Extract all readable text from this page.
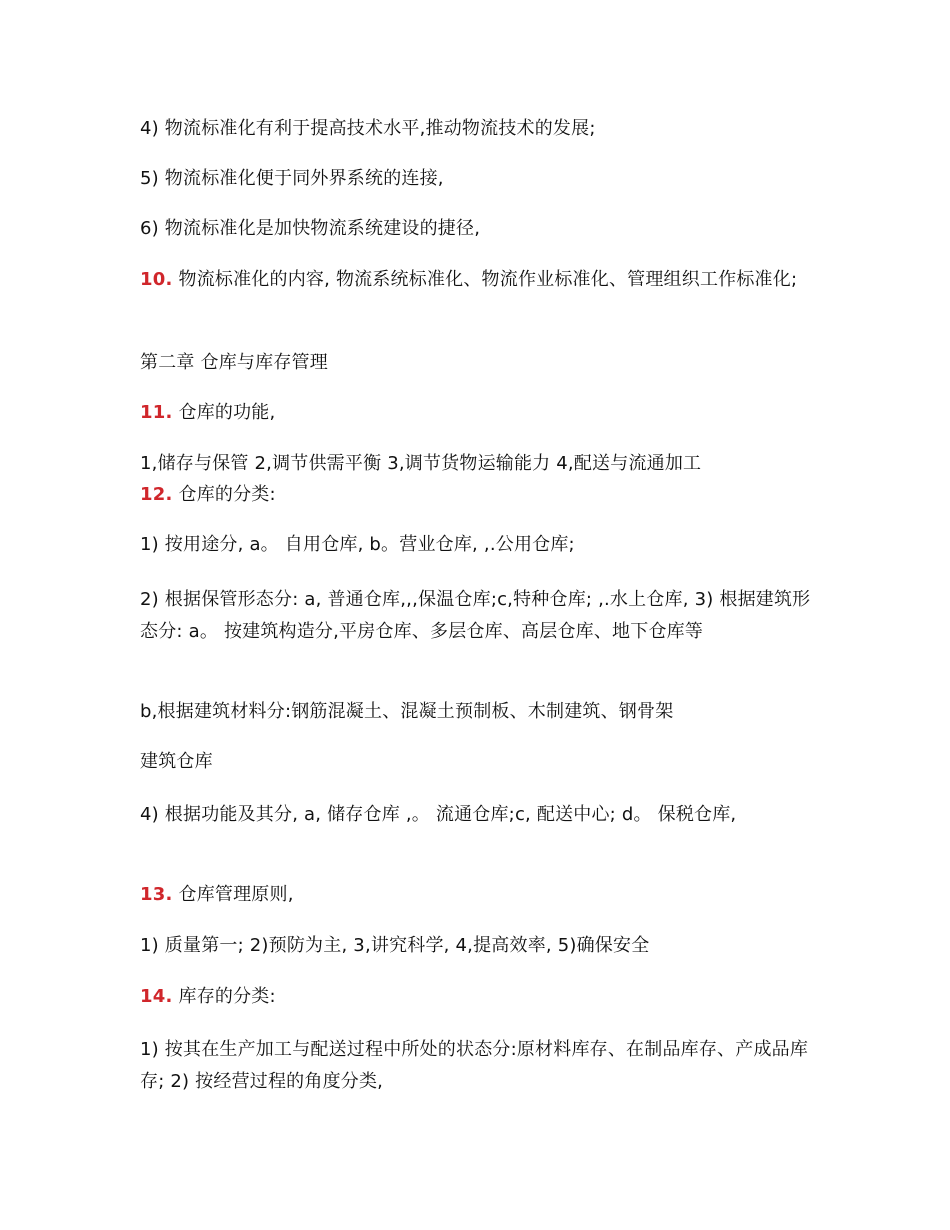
4) 物流标准化有利于提高技术水平,推动物流技术的发展;
5) 物流标准化便于同外界系统的连接,
6) 物流标准化是加快物流系统建设的捷径,
10. 物流标准化的内容, 物流系统标准化、物流作业标准化、管理组织工作标准化;
第二章 仓库与库存管理
11. 仓库的功能,
1,储存与保管 2,调节供需平衡 3,调节货物运输能力 4,配送与流通加工
12. 仓库的分类:
1) 按用途分, a。 自用仓库, b。营业仓库, ,.公用仓库;
2) 根据保管形态分: a, 普通仓库,,,保温仓库;c,特种仓库; ,.水上仓库, 3) 根据建筑形态分: a。 按建筑构造分,平房仓库、多层仓库、高层仓库、地下仓库等
b,根据建筑材料分:钢筋混凝土、混凝土预制板、木制建筑、钢骨架
建筑仓库
4) 根据功能及其分, a, 储存仓库 ,。 流通仓库;c, 配送中心; d。 保税仓库,
13. 仓库管理原则,
1) 质量第一; 2)预防为主, 3,讲究科学, 4,提高效率, 5)确保安全
14. 库存的分类:
1) 按其在生产加工与配送过程中所处的状态分:原材料库存、在制品库存、产成品库存; 2) 按经营过程的角度分类,
